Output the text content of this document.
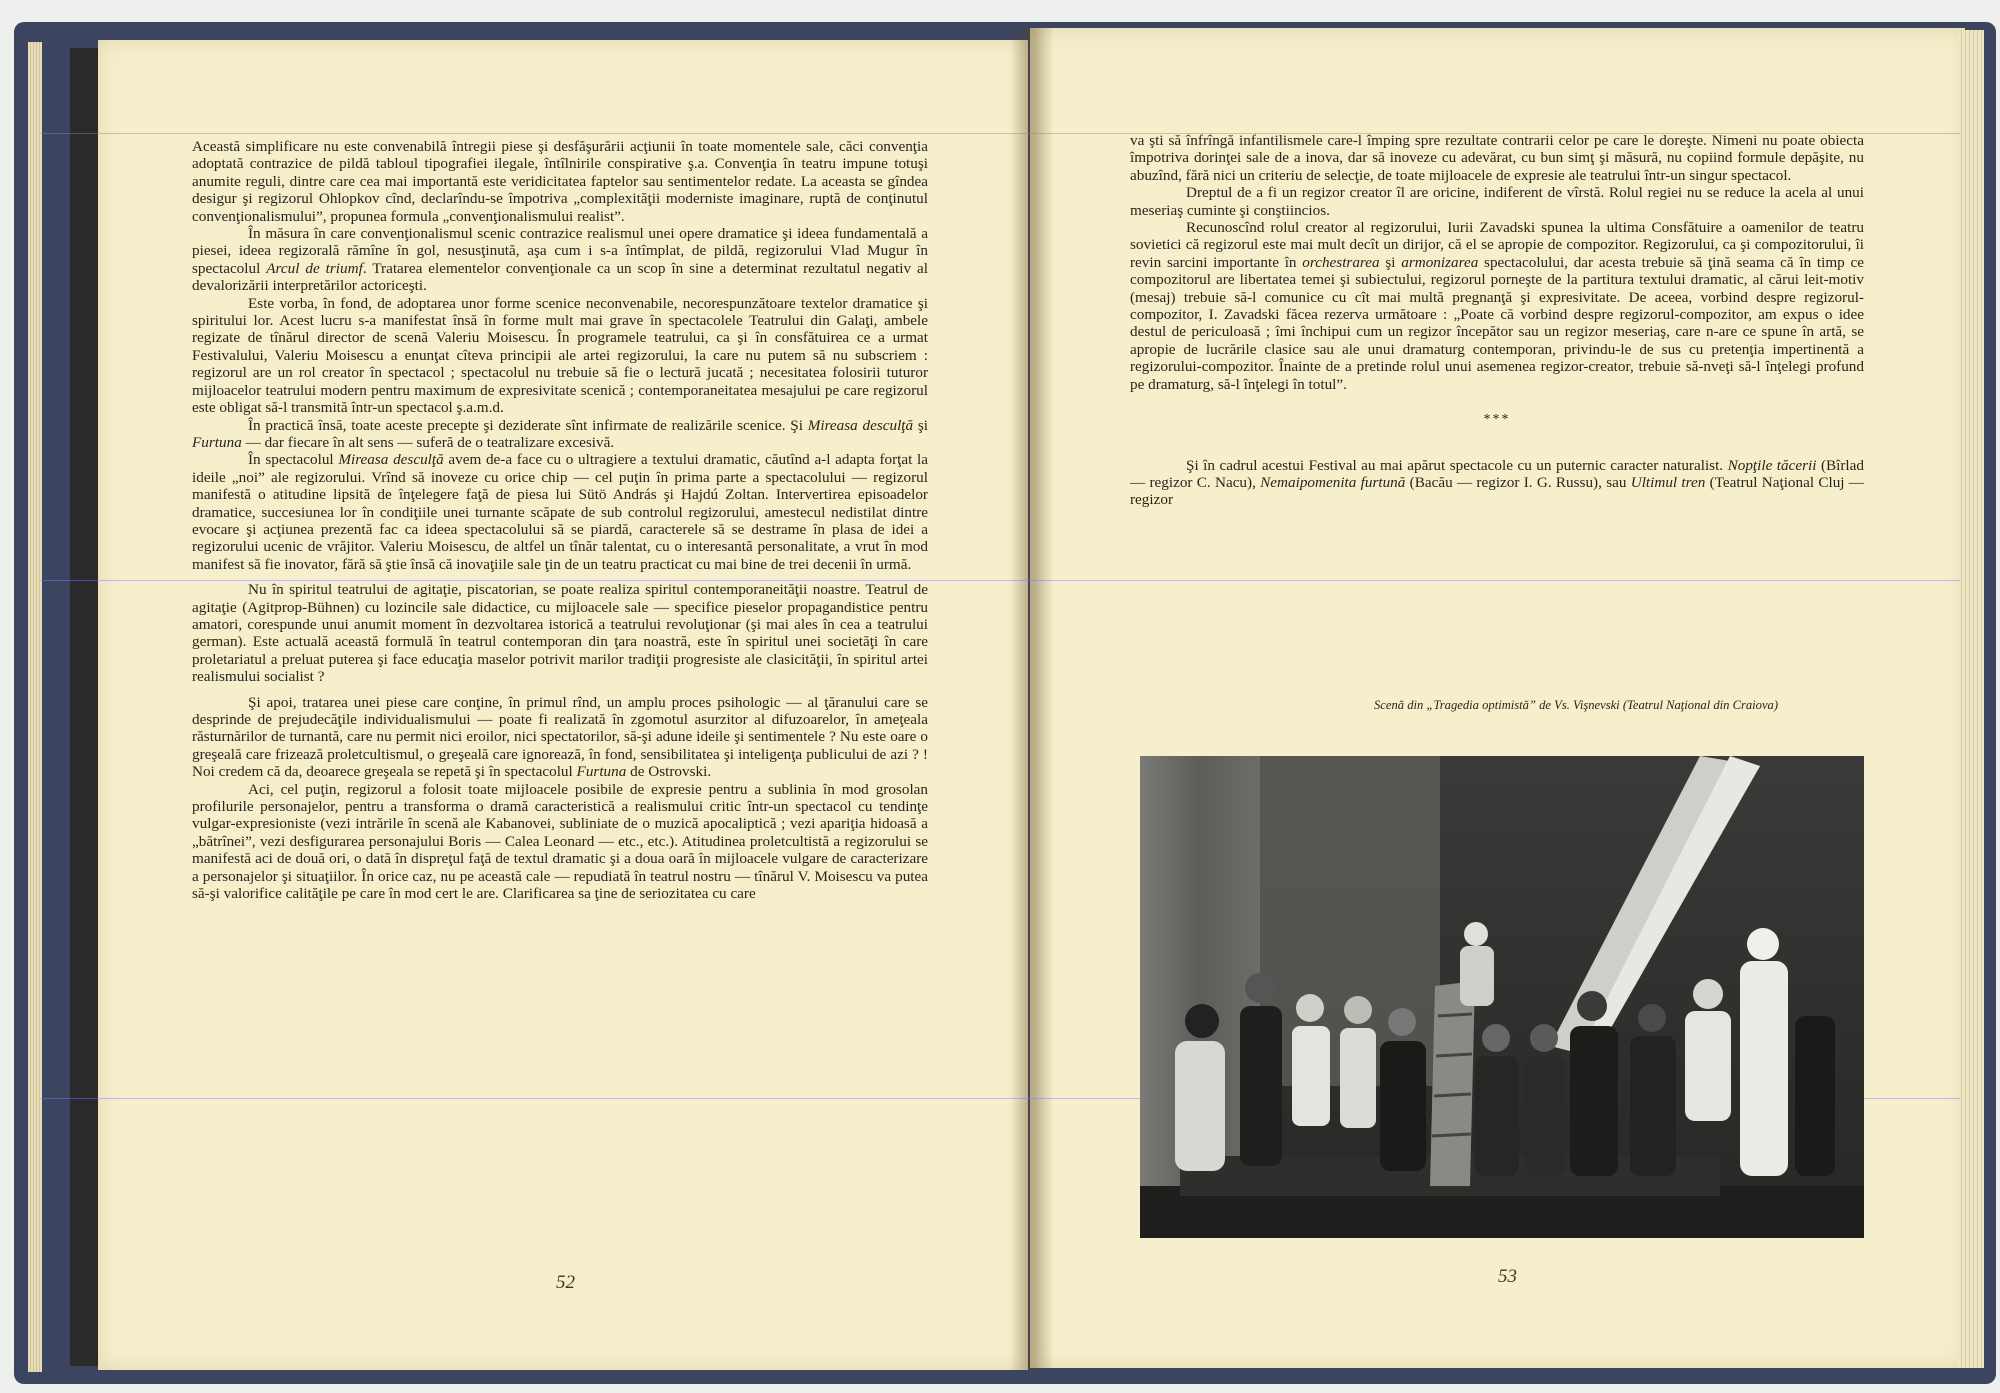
Această simplificare nu este convenabilă întregii piese şi desfăşurării acţiunii în toate momentele sale, căci convenţia adoptată contrazice de pildă tabloul tipografiei ilegale, întîlnirile conspirative ş.a. Convenţia în teatru impune totuşi anumite reguli, dintre care cea mai importantă este veridicitatea faptelor sau sentimentelor redate. La aceasta se gîndea desigur şi regizorul Ohlopkov cînd, declarîndu-se împotriva „complexităţii moderniste imaginare, ruptă de conţinutul convenţionalismului”, propunea formula „convenţionalismului realist”.

În măsura în care convenţionalismul scenic contrazice realismul unei opere dramatice şi ideea fundamentală a piesei, ideea regizorală rămîne în gol, nesusţinută, aşa cum i s-a întîmplat, de pildă, regizorului Vlad Mugur în spectacolul Arcul de triumf. Tratarea elementelor convenţionale ca un scop în sine a determinat rezultatul negativ al devalorizării interpretărilor actoriceşti.

Este vorba, în fond, de adoptarea unor forme scenice neconvenabile, necorespunzătoare textelor dramatice şi spiritului lor. Acest lucru s-a manifestat însă în forme mult mai grave în spectacolele Teatrului din Galaţi, ambele regizate de tînărul director de scenă Valeriu Moisescu. În programele teatrului, ca şi în consfătuirea ce a urmat Festivalului, Valeriu Moisescu a enunţat cîteva principii ale artei regizorului, la care nu putem să nu subscriem : regizorul are un rol creator în spectacol ; spectacolul nu trebuie să fie o lectură jucată ; necesitatea folosirii tuturor mijloacelor teatrului modern pentru maximum de expresivitate scenică ; contemporaneitatea mesajului pe care regizorul este obligat să-l transmită într-un spectacol ş.a.m.d.

În practică însă, toate aceste precepte şi deziderate sînt infirmate de realizările scenice. Şi Mireasa desculţă şi Furtuna — dar fiecare în alt sens — suferă de o teatralizare excesivă.

În spectacolul Mireasa desculţă avem de-a face cu o ultragiere a textului dramatic, căutînd a-l adapta forţat la ideile „noi” ale regizorului. Vrînd să inoveze cu orice chip — cel puţin în prima parte a spectacolului — regizorul manifestă o atitudine lipsită de înţelegere faţă de piesa lui Sütö András şi Hajdú Zoltan. Intervertirea episoadelor dramatice, succesiunea lor în condiţiile unei turnante scăpate de sub controlul regizorului, amestecul nedistilat dintre evocare şi acţiunea prezentă fac ca ideea spectacolului să se piardă, caracterele să se destrame în plasa de idei a regizorului ucenic de vrăjitor. Valeriu Moisescu, de altfel un tînăr talentat, cu o interesantă personalitate, a vrut în mod manifest să fie inovator, fără să ştie însă că inovaţiile sale ţin de un teatru practicat cu mai bine de trei decenii în urmă.

Nu în spiritul teatrului de agitaţie, piscatorian, se poate realiza spiritul contemporaneităţii noastre. Teatrul de agitaţie (Agitprop-Bühnen) cu lozincile sale didactice, cu mijloacele sale — specifice pieselor propagandistice pentru amatori, corespunde unui anumit moment în dezvoltarea istorică a teatrului revoluţionar (şi mai ales în cea a teatrului german). Este actuală această formulă în teatrul contemporan din ţara noastră, este în spiritul unei societăţi în care proletariatul a preluat puterea şi face educaţia maselor potrivit marilor tradiţii progresiste ale clasicităţii, în spiritul artei realismului socialist ?

Şi apoi, tratarea unei piese care conţine, în primul rînd, un amplu proces psihologic — al ţăranului care se desprinde de prejudecăţile individualismului — poate fi realizată în zgomotul asurzitor al difuzoarelor, în ameţeala răsturnărilor de turnantă, care nu permit nici eroilor, nici spectatorilor, să-şi adune ideile şi sentimentele ? Nu este oare o greşeală care frizează proletcultismul, o greşeală care ignorează, în fond, sensibilitatea şi inteligenţa publicului de azi ? ! Noi credem că da, deoarece greşeala se repetă şi în spectacolul Furtuna de Ostrovski.

Aci, cel puţin, regizorul a folosit toate mijloacele posibile de expresie pentru a sublinia în mod grosolan profilurile personajelor, pentru a transforma o dramă caracteristică a realismului critic într-un spectacol cu tendinţe vulgar-expresioniste (vezi intrările în scenă ale Kabanovei, subliniate de o muzică apocaliptică ; vezi apariţia hidoasă a „bătrînei”, vezi desfigurarea personajului Boris — Calea Leonard — etc., etc.). Atitudinea proletcultistă a regizorului se manifestă aci de două ori, o dată în dispreţul faţă de textul dramatic şi a doua oară în mijloacele vulgare de caracterizare a personajelor şi situaţiilor. În orice caz, nu pe această cale — repudiată în teatrul nostru — tînărul V. Moisescu va putea să-şi valorifice calităţile pe care în mod cert le are. Clarificarea sa ţine de seriozitatea cu care

va şti să înfrîngă infantilismele care-l împing spre rezultate contrarii celor pe care le doreşte. Nimeni nu poate obiecta împotriva dorinţei sale de a inova, dar să inoveze cu adevărat, cu bun simţ şi măsură, nu copiind formule depăşite, nu abuzînd, fără nici un criteriu de selecţie, de toate mijloacele de expresie ale teatrului într-un singur spectacol.

Dreptul de a fi un regizor creator îl are oricine, indiferent de vîrstă. Rolul regiei nu se reduce la acela al unui meseriaş cuminte şi conştiincios.

Recunoscînd rolul creator al regizorului, Iurii Zavadski spunea la ultima Consfătuire a oamenilor de teatru sovietici că regizorul este mai mult decît un dirijor, că el se apropie de compozitor. Regizorului, ca şi compozitorului, îi revin sarcini importante în orchestrarea şi armonizarea spectacolului, dar acesta trebuie să ţină seama că în timp ce compozitorul are libertatea temei şi subiectului, regizorul porneşte de la partitura textului dramatic, al cărui leit-motiv (mesaj) trebuie să-l comunice cu cît mai multă pregnanţă şi expresivitate. De aceea, vorbind despre regizorul-compozitor, I. Zavadski făcea rezerva următoare : „Poate că vorbind despre regizorul-compozitor, am expus o idee destul de periculoasă ; îmi închipui cum un regizor începător sau un regizor meseriaş, care n-are ce spune în artă, se apropie de lucrările clasice sau ale unui dramaturg contemporan, privindu-le de sus cu pretenţia impertinentă a regizorului-compozitor. Înainte de a pretinde rolul unui asemenea regizor-creator, trebuie să-nveţi să-l înţelegi profund pe dramaturg, să-l înţelegi în totul”.

***

Şi în cadrul acestui Festival au mai apărut spectacole cu un puternic caracter naturalist. Nopţile tăcerii (Bîrlad — regizor C. Nacu), Nemaipomenita furtună (Bacău — regizor I. G. Russu), sau Ultimul tren (Teatrul Naţional Cluj — regizor

Scenă din „Tragedia optimistă” de Vs. Vişnevski (Teatrul Naţional din Craiova)
52	53
